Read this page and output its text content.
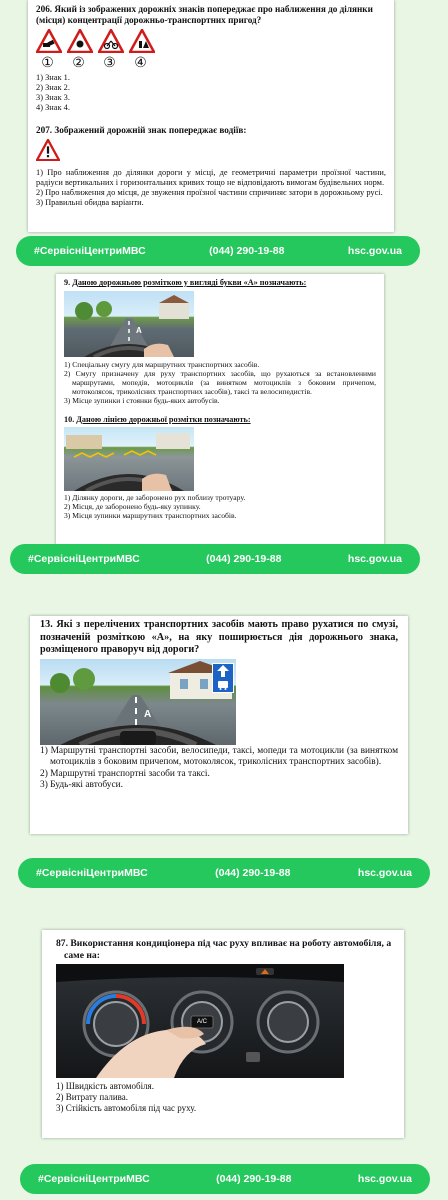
206. Який із зображених дорожніх знаків попереджає про наближення до ділянки (місця) концентрації дорожньо-транспортних пригод?
① ② ③ ④
1) Знак 1.
2) Знак 2.
3) Знак 3.
4) Знак 4.
207. Зображений дорожній знак попереджає водіїв:
1) Про наближення до ділянки дороги у місці, де геометричні параметри проїзної частини, радіуси вертикальних і горизонтальних кривих тощо не відповідають вимогам будівельних норм.
2) Про наближення до місця, де звуження проїзної частини спричиняє затори в дорожньому русі.
3) Правильні обидва варіанти.
#СервісніЦентриМВС	(044) 290-19-88	hsc.gov.ua
9. Даною дорожньою розміткою у вигляді букви «А» позначають:
А
1) Спеціальну смугу для маршрутних транспортних засобів.
2) Смугу призначену для руху транспортних засобів, що рухаються за встановленими маршрутами, мопедів, мотоциклів (за винятком мотоциклів з боковим причепом, мотоколясок, триколісних транспортних засобів), таксі та велосипедистів.
3) Місце зупинки і стоянки будь-яких автобусів.
10. Даною лінією дорожньої розмітки позначають:
1) Ділянку дороги, де заборонено рух поблизу тротуару.
2) Місця, де заборонено будь-яку зупинку.
3) Місця зупинки маршрутних транспортних засобів.
#СервісніЦентриМВС	(044) 290-19-88	hsc.gov.ua
13. Які з перелічених транспортних засобів мають право рухатися по смузі, позначеній розміткою «А», на яку поширюється дія дорожнього знака, розміщеного праворуч від дороги?
А
1) Маршрутні транспортні засоби, велосипеди, таксі, мопеди та мотоцикли (за винятком мотоциклів з боковим причепом, мотоколясок, триколісних транспортних засобів).
2) Маршрутні транспортні засоби та таксі.
3) Будь-які автобуси.
#СервісніЦентриМВС	(044) 290-19-88	hsc.gov.ua
87. Використання кондиціонера під час руху впливає на роботу автомобіля, а саме на:
A/C
1) Швидкість автомобіля.
2) Витрату палива.
3) Стійкість автомобіля під час руху.
#СервісніЦентриМВС	(044) 290-19-88	hsc.gov.ua
